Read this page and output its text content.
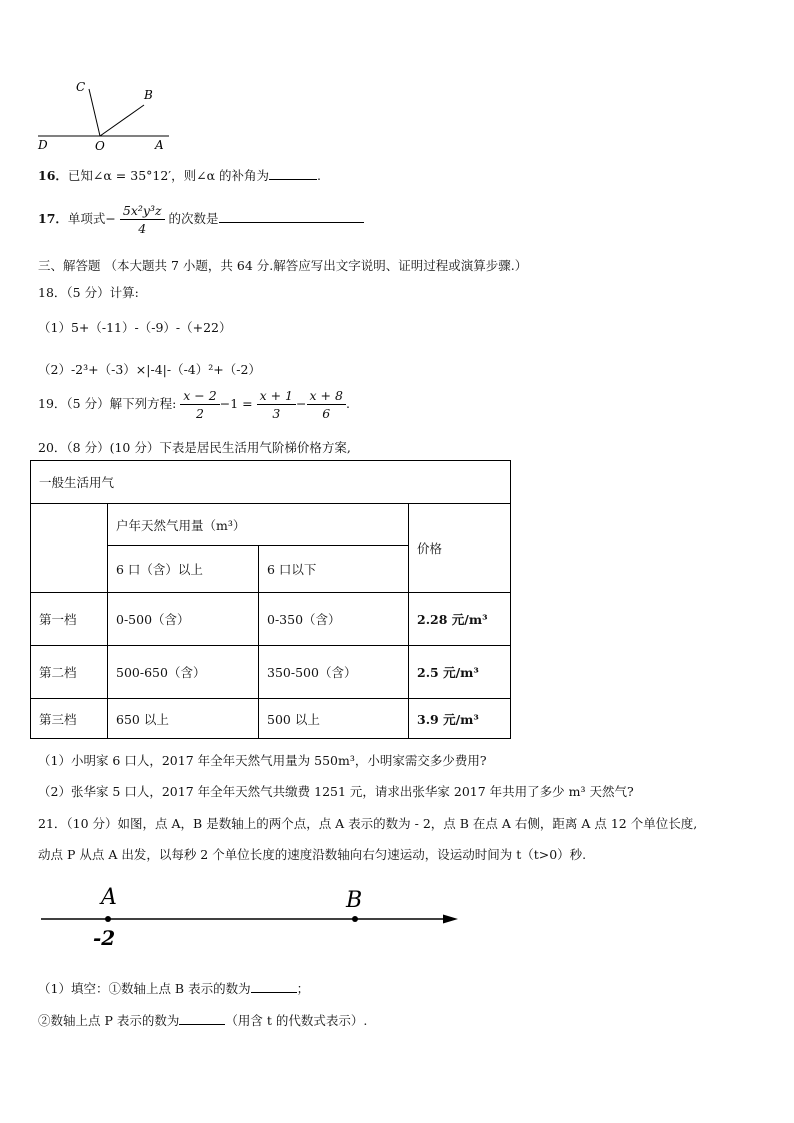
C
B
D	O	A
16．已知∠α = 35°12′，则∠α 的补角为	.
17．单项式− $\frac{\text{5x²y³z}}{4}$ 的次数是
三、解答题 （本大题共 7 小题，共 64 分.解答应写出文字说明、证明过程或演算步骤.）
18．（5 分）计算:
（1）5+（-11）-（-9）-（+22）
（2）-2³+（-3）×|-4|-（-4）²+（-2）
19．（5 分）解下列方程: $\frac{x - 2}{2} -1 = \frac{x + 1}{3} - \frac{x + 8}{6}$ .
20．（8 分）(10 分）下表是居民生活用气阶梯价格方案,
一般生活用气			
	户年天然气用量（m³）		价格
	6 口（含）以上	6 口以下	
第一档	0-500（含）	0-350（含）	2.28 元/m³
第二档	500-650（含）	350-500（含）	2.5 元/m³
第三档	650 以上	500 以上	3.9 元/m³
（1）小明家 6 口人，2017 年全年天然气用量为 550m³，小明家需交多少费用?
（2）张华家 5 口人，2017 年全年天然气共缴费 1251 元，请求出张华家 2017 年共用了多少 m³ 天然气?
21．（10 分）如图，点 A，B 是数轴上的两个点，点 A 表示的数为 - 2，点 B 在点 A 右侧，距离 A 点 12 个单位长度,
动点 P 从点 A 出发，以每秒 2 个单位长度的速度沿数轴向右匀速运动，设运动时间为 t（t>0）秒.
A	B
-2
（1）填空：①数轴上点 B 表示的数为	；
②数轴上点 P 表示的数为	（用含 t 的代数式表示）.
